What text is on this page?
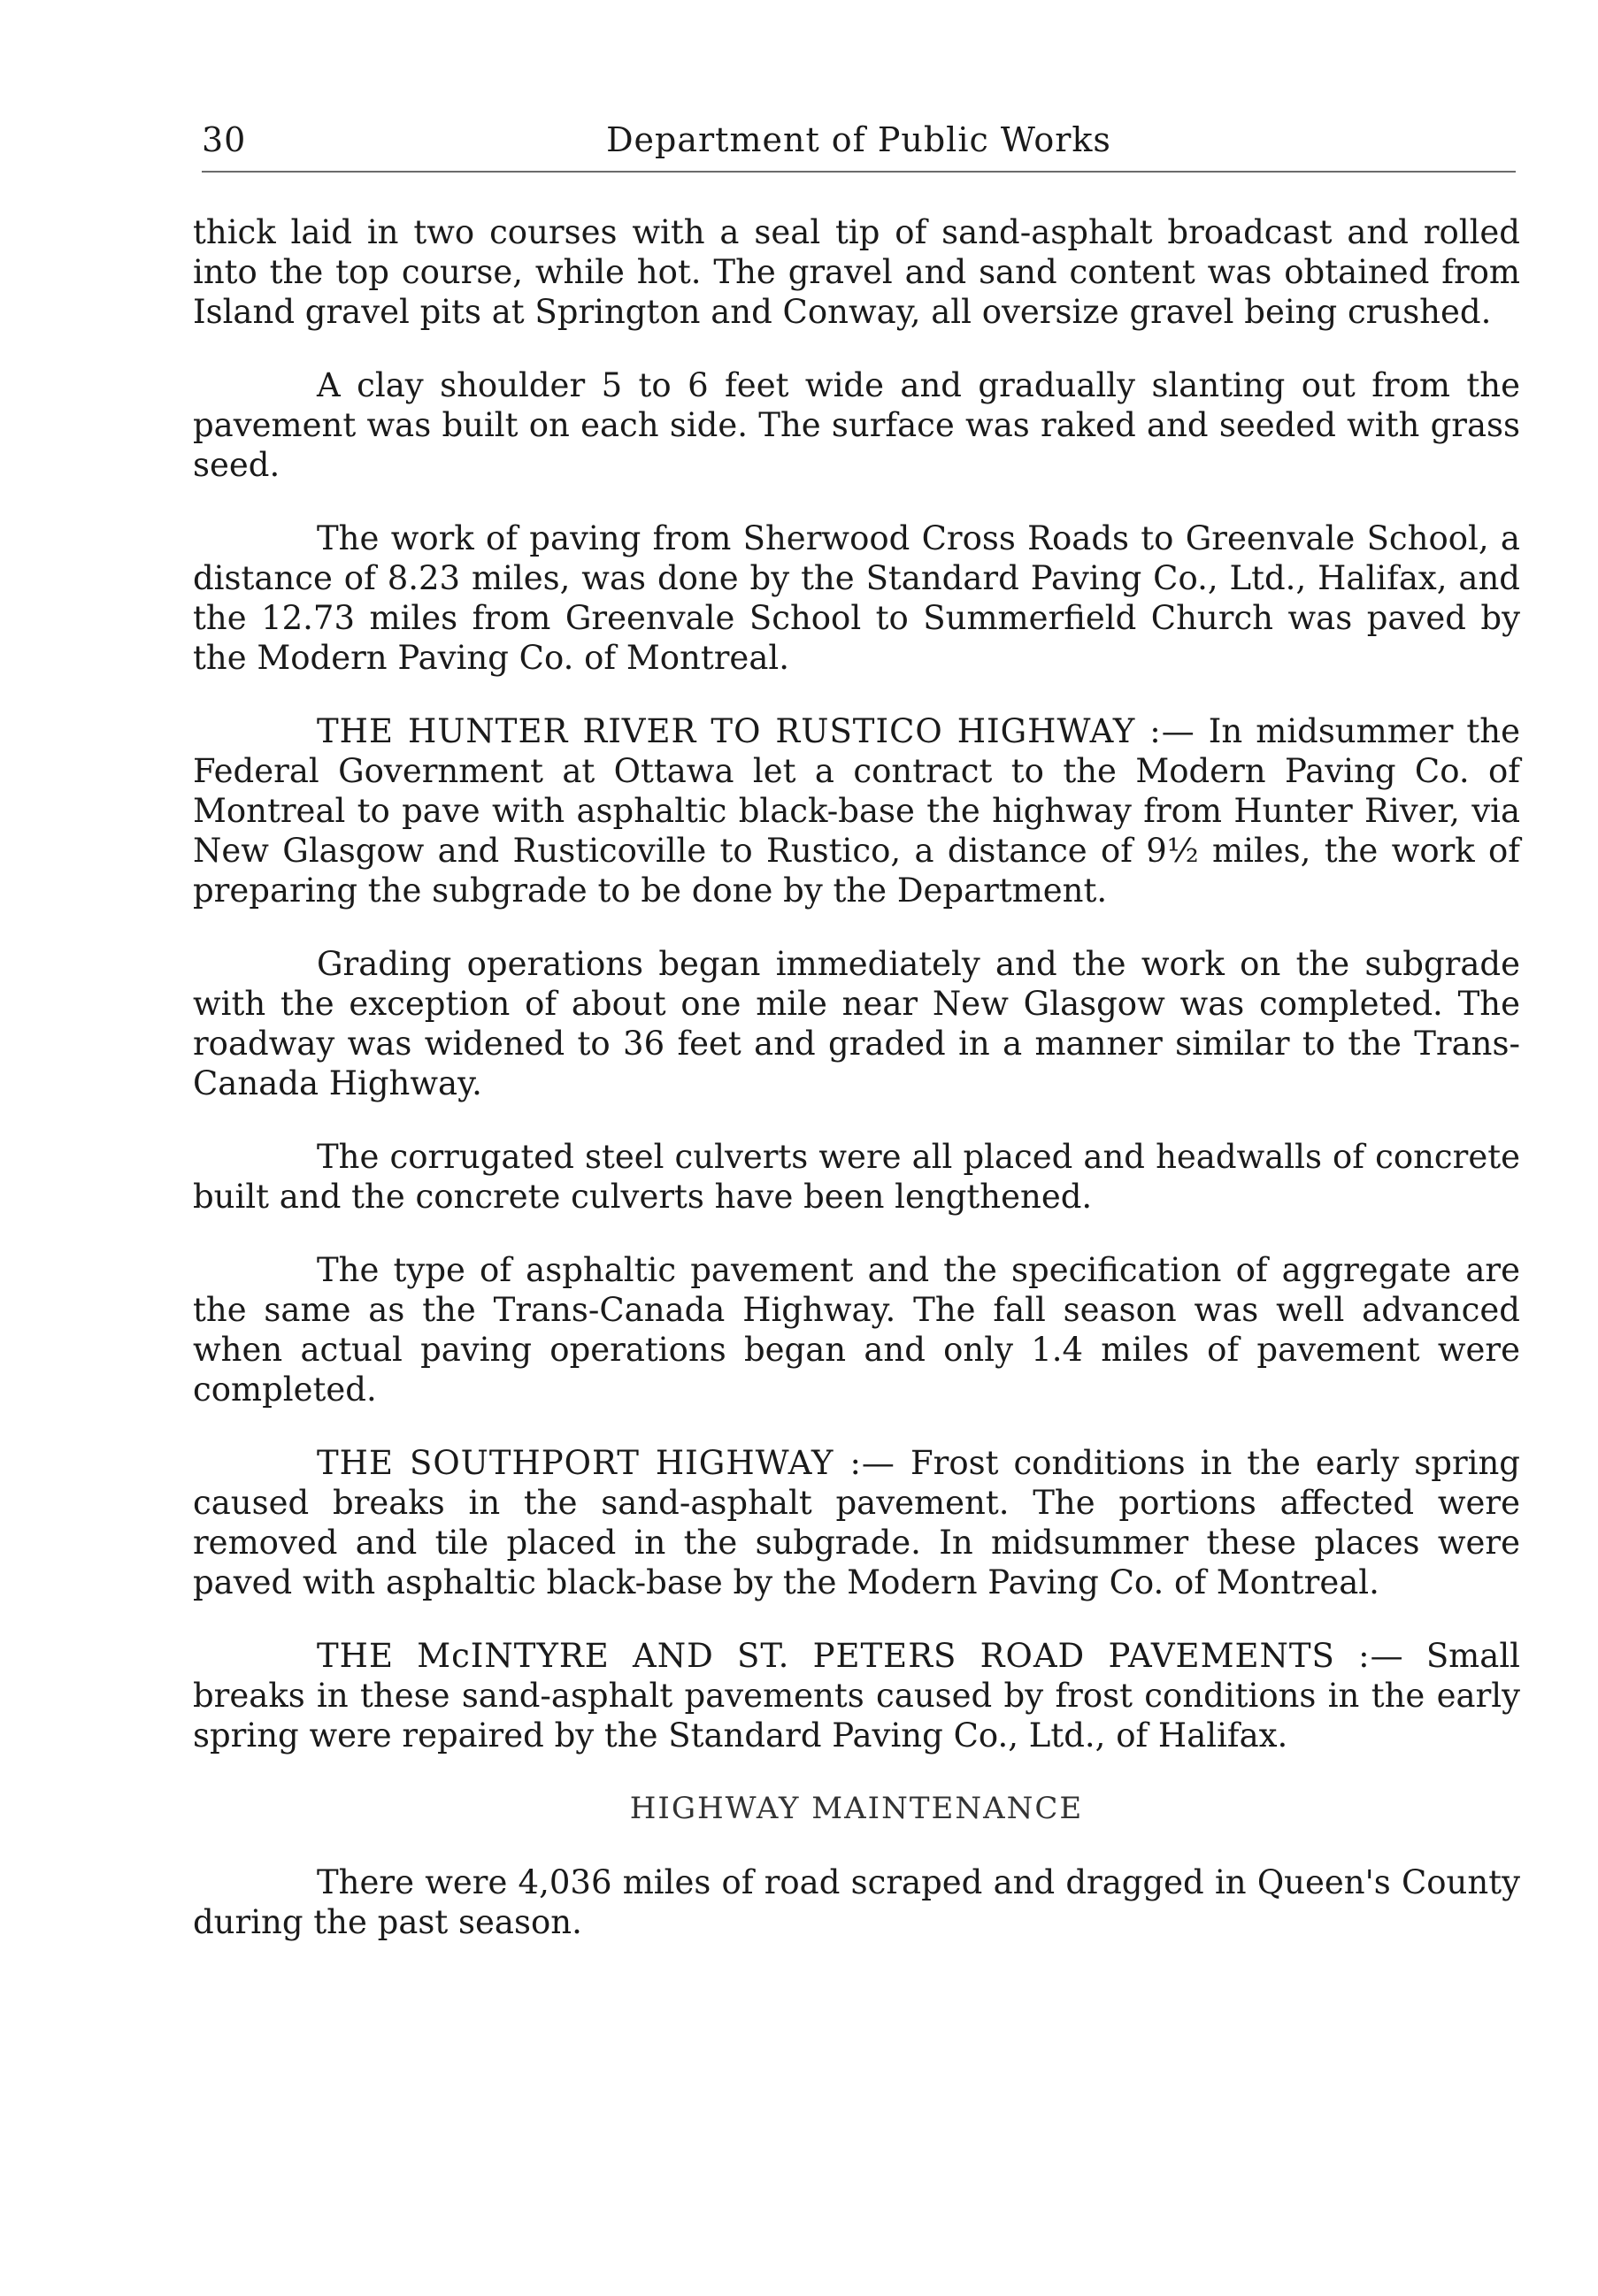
30	Department of Public Works

thick laid in two courses with a seal tip of sand-asphalt broadcast and rolled into the top course, while hot. The gravel and sand content was obtained from Island gravel pits at Springton and Conway, all oversize gravel being crushed.

A clay shoulder 5 to 6 feet wide and gradually slanting out from the pavement was built on each side. The surface was raked and seeded with grass seed.

The work of paving from Sherwood Cross Roads to Greenvale School, a distance of 8.23 miles, was done by the Standard Paving Co., Ltd., Halifax, and the 12.73 miles from Greenvale School to Summerfield Church was paved by the Modern Paving Co. of Montreal.

THE HUNTER RIVER TO RUSTICO HIGHWAY :— In midsummer the Federal Government at Ottawa let a contract to the Modern Paving Co. of Montreal to pave with asphaltic black-base the highway from Hunter River, via New Glasgow and Rusticoville to Rustico, a distance of 9½ miles, the work of preparing the subgrade to be done by the Department.

Grading operations began immediately and the work on the subgrade with the exception of about one mile near New Glasgow was completed. The roadway was widened to 36 feet and graded in a manner similar to the Trans-Canada Highway.

The corrugated steel culverts were all placed and headwalls of concrete built and the concrete culverts have been lengthened.

The type of asphaltic pavement and the specification of aggregate are the same as the Trans-Canada Highway. The fall season was well advanced when actual paving operations began and only 1.4 miles of pavement were completed.

THE SOUTHPORT HIGHWAY :— Frost conditions in the early spring caused breaks in the sand-asphalt pavement. The portions affected were removed and tile placed in the subgrade. In midsummer these places were paved with asphaltic black-base by the Modern Paving Co. of Montreal.

THE McINTYRE AND ST. PETERS ROAD PAVEMENTS :— Small breaks in these sand-asphalt pavements caused by frost conditions in the early spring were repaired by the Standard Paving Co., Ltd., of Halifax.

HIGHWAY MAINTENANCE

There were 4,036 miles of road scraped and dragged in Queen's County during the past season.
